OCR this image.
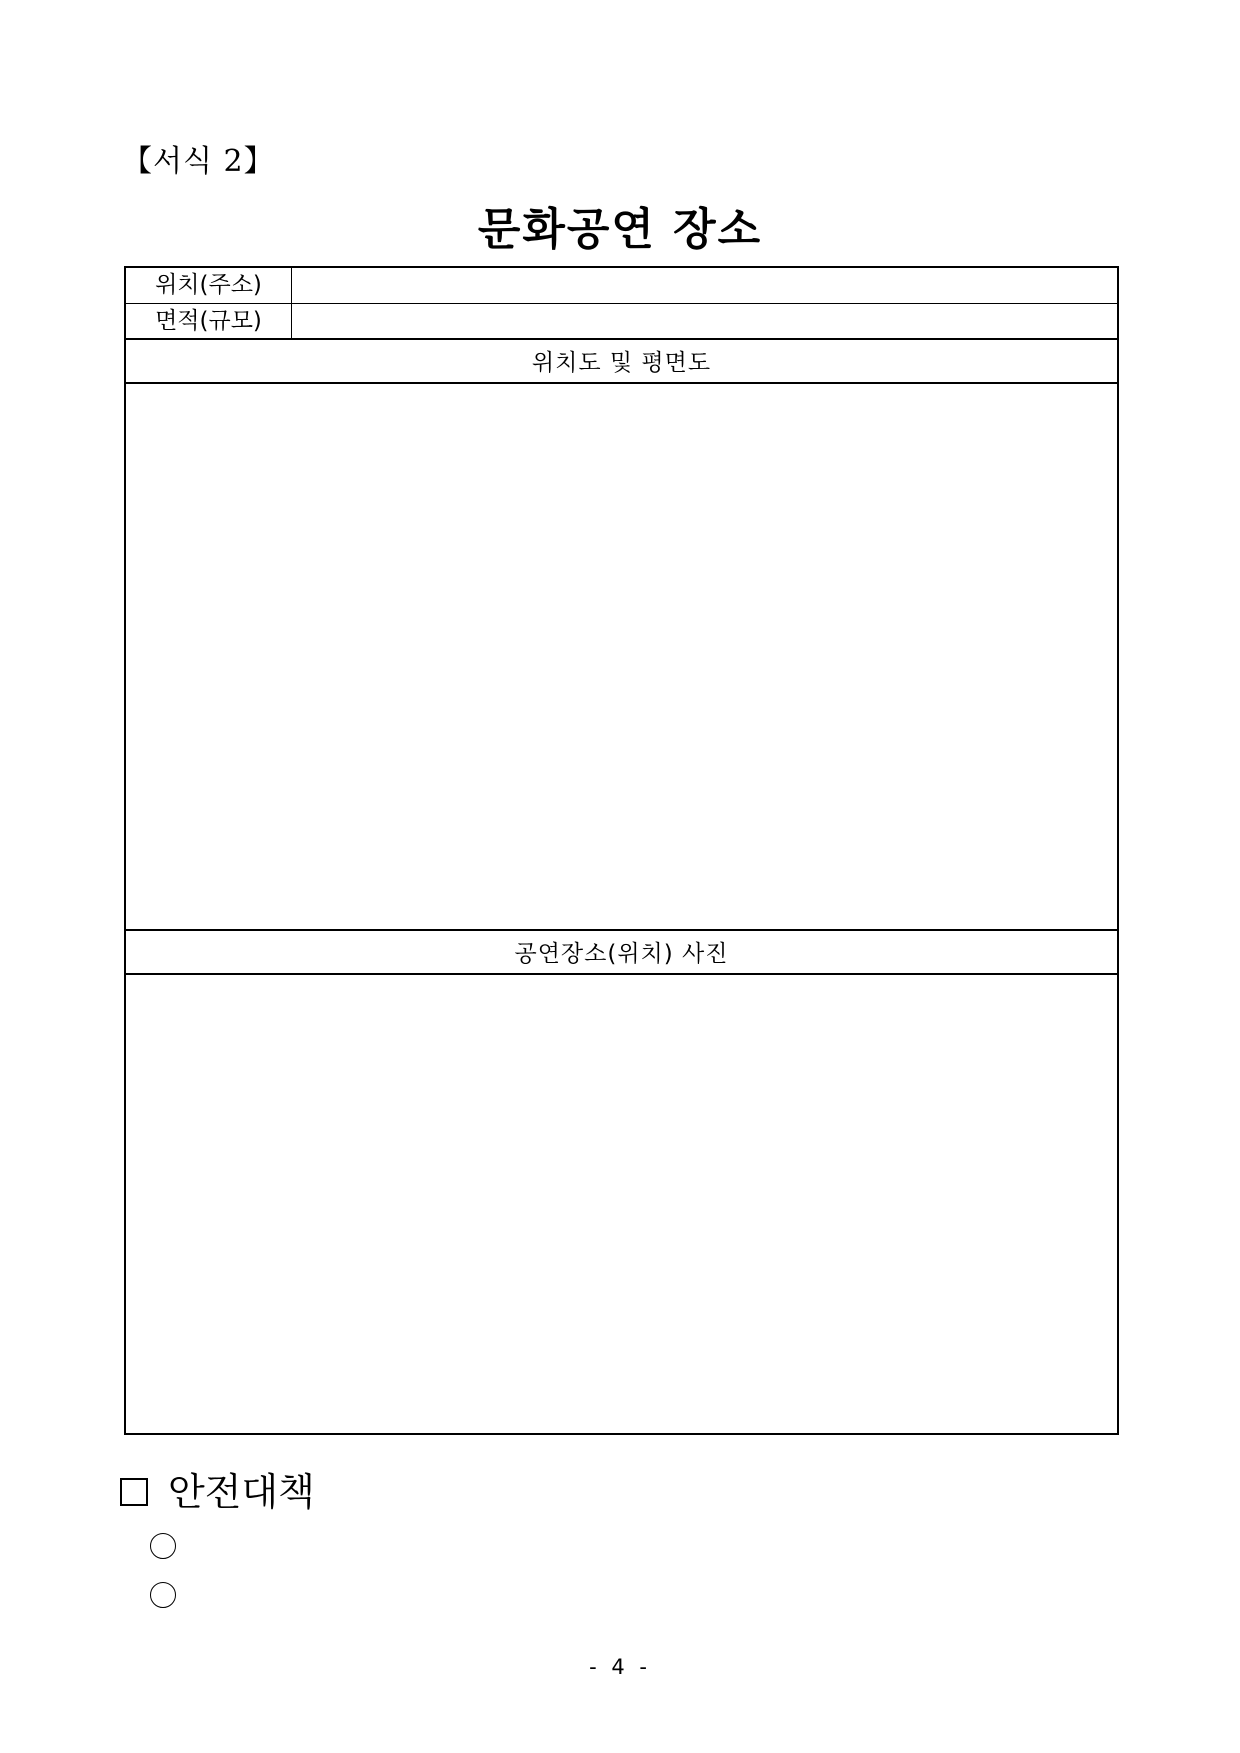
【서식 2】
문화공연 장소
위치(주소)
면적(규모)
위치도 및 평면도
공연장소(위치) 사진
안전대책
- 4 -
